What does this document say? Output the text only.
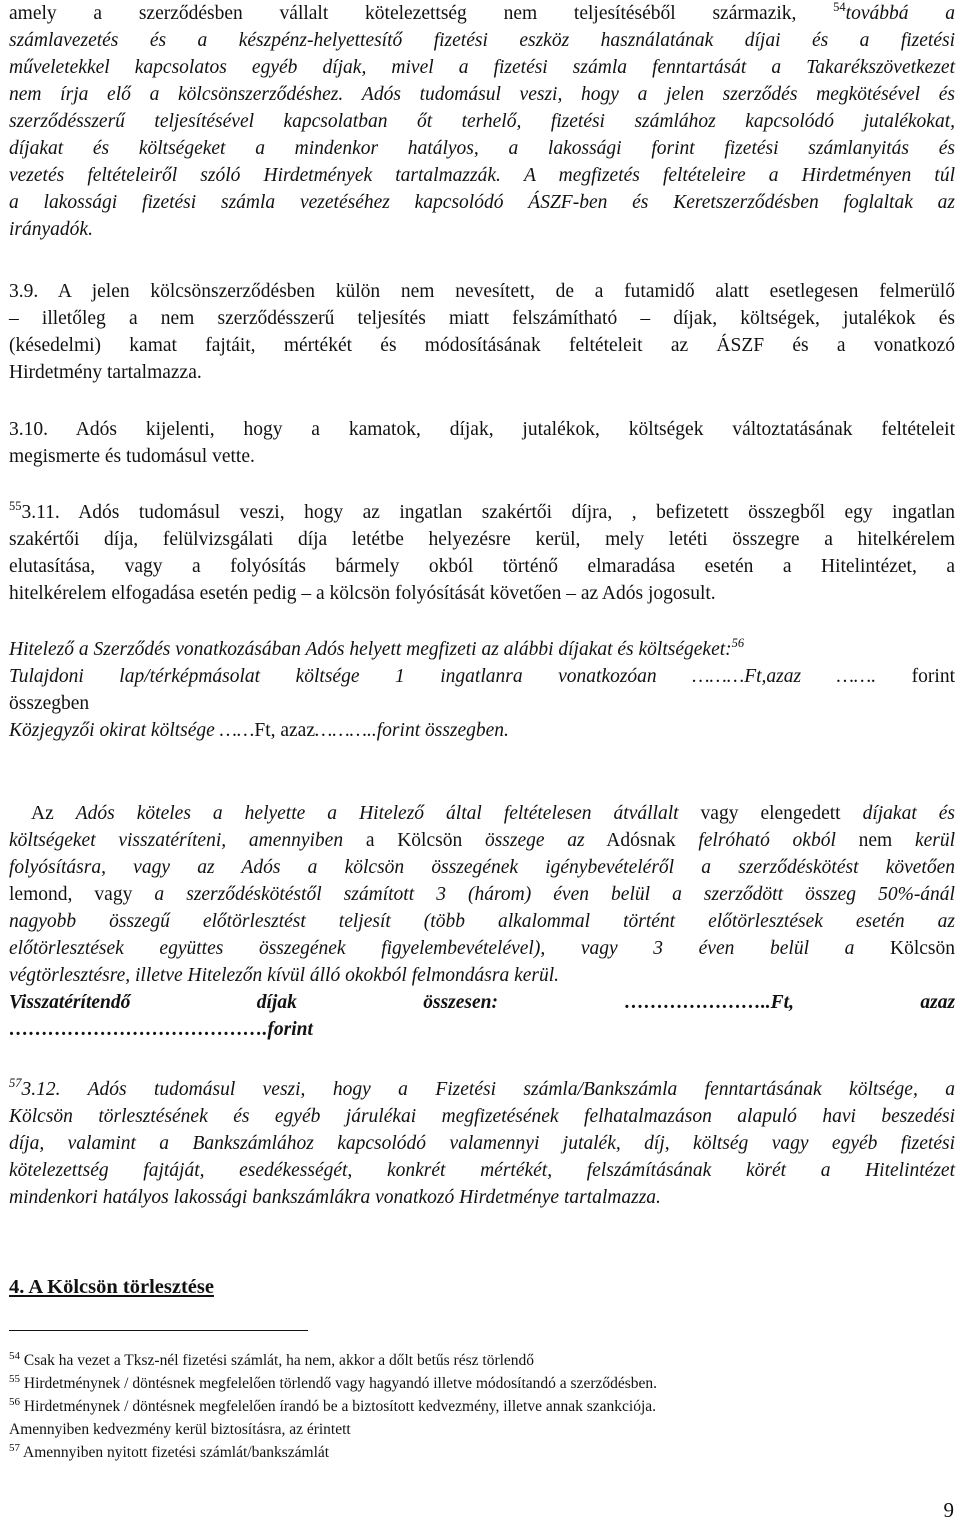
amely a szerződésben vállalt kötelezettség nem teljesítéséből származik,	$^{54}$továbbá a
számlavezetés és a készpénz-helyettesítő fizetési eszköz használatának díjai és a fizetési
műveletekkel kapcsolatos egyéb díjak, mivel a fizetési számla fenntartását a Takarékszövetkezet
nem írja elő a kölcsönszerződéshez. Adós tudomásul veszi, hogy a jelen szerződés megkötésével és
szerződésszerű teljesítésével kapcsolatban őt terhelő, fizetési számlához kapcsolódó jutalékokat,
díjakat és költségeket a mindenkor hatályos, a lakossági forint fizetési számlanyitás és
vezetés feltételeiről szóló Hirdetmények tartalmazzák. A megfizetés feltételeire a Hirdetményen túl
a lakossági fizetési számla vezetéséhez kapcsolódó ÁSZF-ben és Keretszerződésben foglaltak az
irányadók.
3.9. A jelen kölcsönszerződésben külön nem nevesített, de a futamidő alatt esetlegesen felmerülő
– illetőleg a nem szerződésszerű teljesítés miatt felszámítható – díjak, költségek, jutalékok és
(késedelmi) kamat fajtáit, mértékét és módosításának feltételeit az ÁSZF és a vonatkozó
Hirdetmény tartalmazza.
3.10. Adós kijelenti, hogy a kamatok, díjak, jutalékok, költségek változtatásának feltételeit
megismerte és tudomásul vette.
$^{55}$3.11. Adós tudomásul veszi, hogy az ingatlan szakértői díjra, , befizetett összegből egy ingatlan
szakértői díja, felülvizsgálati díja letétbe helyezésre kerül, mely letéti összegre a hitelkérelem
elutasítása, vagy a folyósítás bármely okból történő elmaradása esetén a Hitelintézet, a
hitelkérelem elfogadása esetén pedig – a kölcsön folyósítását követően – az Adós jogosult.
Hitelező a Szerződés vonatkozásában Adós helyett megfizeti az alábbi díjakat és költségeket:$^{56}$
Tulajdoni lap/térképmásolat költsége 1 ingatlanra vonatkozóan ………Ft,azaz ……. forint
összegben
Közjegyzői okirat költsége ……Ft, azaz………..forint összegben.
Az Adós köteles a helyette a Hitelező által feltételesen átvállalt vagy elengedett díjakat és
költségeket visszatéríteni, amennyiben a Kölcsön összege az Adósnak felróható okból nem kerül
folyósításra, vagy az Adós a kölcsön összegének igénybevételéről a szerződéskötést követően
lemond, vagy a szerződéskötéstől számított 3 (három) éven belül a szerződött összeg 50%-ánál
nagyobb összegű előtörlesztést teljesít (több alkalommal történt előtörlesztések esetén az
előtörlesztések együttes összegének figyelembevételével), vagy 3 éven belül a Kölcsön
végtörlesztésre, illetve Hitelezőn kívül álló okokból felmondásra kerül.
Visszatérítendő	díjak	összesen:	…………………..Ft,	azaz
………………………………….forint
$^{57}$3.12. Adós tudomásul veszi, hogy a Fizetési számla/Bankszámla fenntartásának költsége, a
Kölcsön törlesztésének és egyéb járulékai megfizetésének felhatalmazáson alapuló havi beszedési
díja, valamint a Bankszámlához kapcsolódó valamennyi jutalék, díj, költség vagy egyéb fizetési
kötelezettség fajtáját, esedékességét, konkrét mértékét, felszámításának körét a Hitelintézet
mindenkori hatályos lakossági bankszámlákra vonatkozó Hirdetménye tartalmazza.

4. A Kölcsön törlesztése

$^{54}$ Csak ha vezet a Tksz-nél fizetési számlát, ha nem, akkor a dőlt betűs rész törlendő

$^{55}$ Hirdetménynek / döntésnek megfelelően törlendő vagy hagyandó illetve módosítandó a szerződésben.

$^{56}$ Hirdetménynek / döntésnek megfelelően írandó be a biztosított kedvezmény, illetve annak szankciója.

Amennyiben kedvezmény kerül biztosításra, az érintett

$^{57}$ Amennyiben nyitott fizetési számlát/bankszámlát

9
